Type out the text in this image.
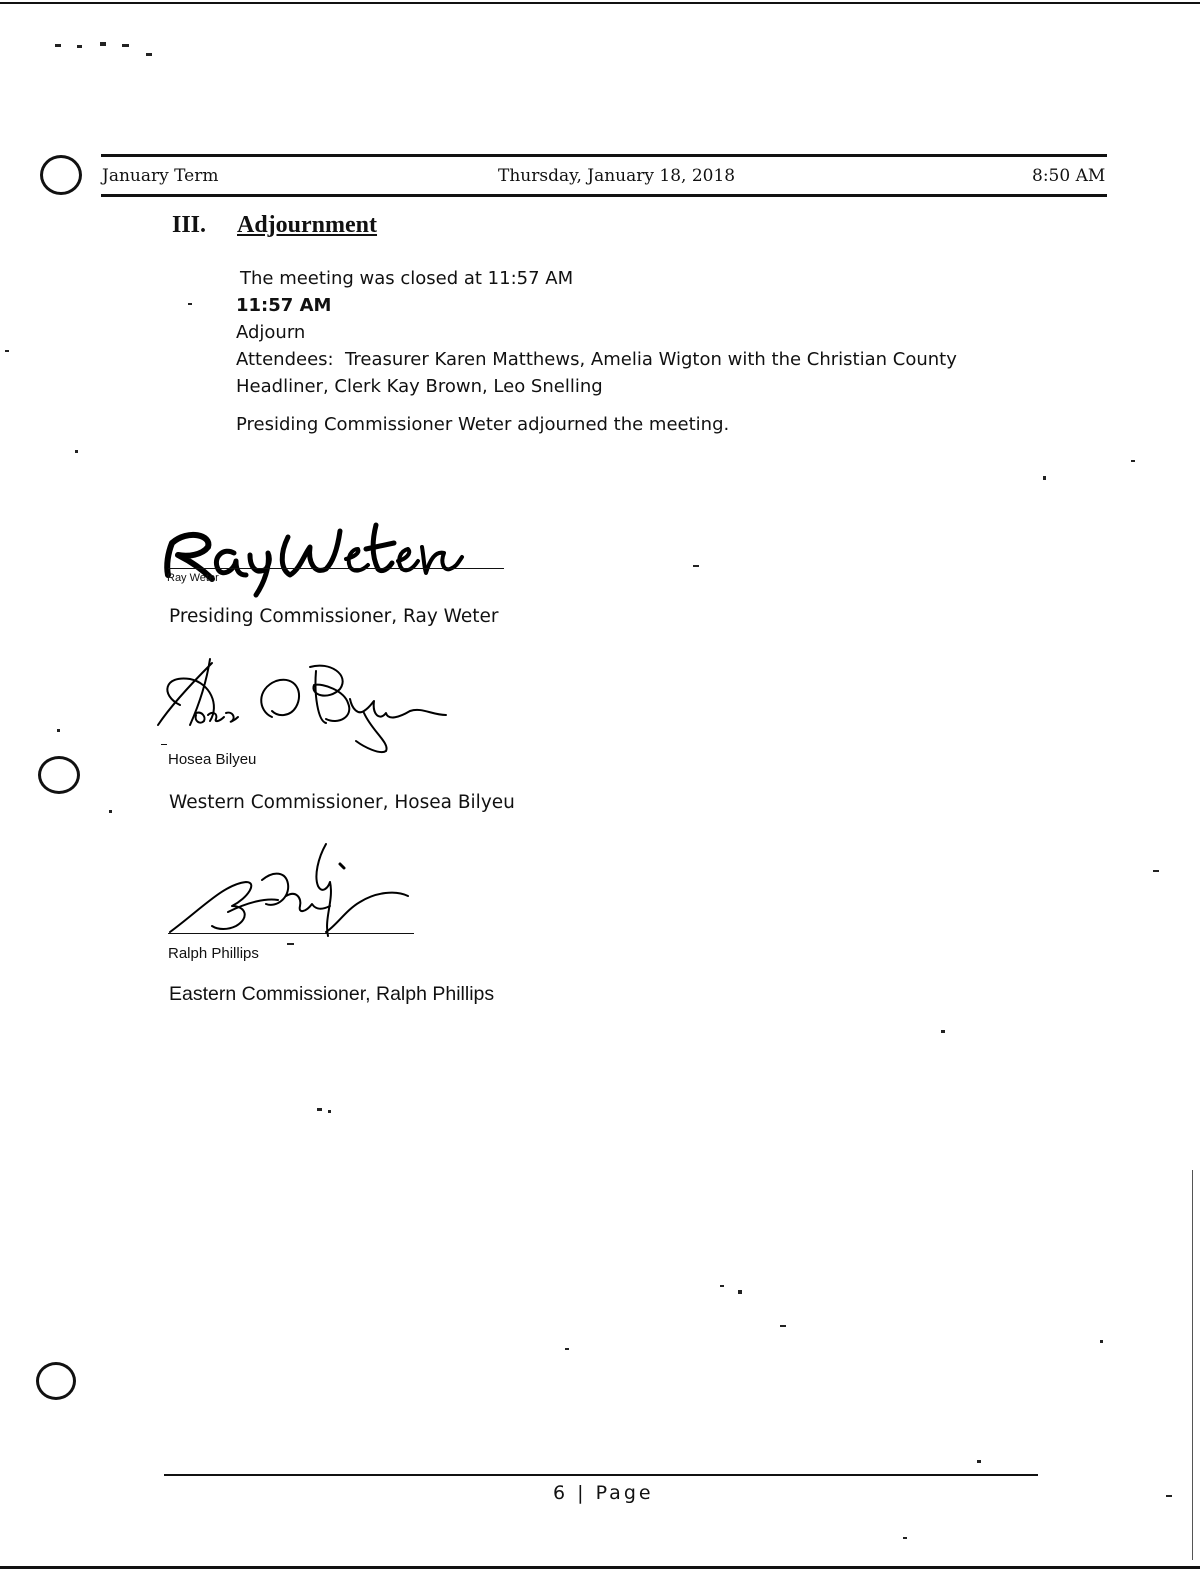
January Term	Thursday, January 18, 2018	8:50 AM
III. Adjournment
The meeting was closed at 11:57 AM
11:57 AM
Adjourn
Attendees:  Treasurer Karen Matthews, Amelia Wigton with the Christian County
Headliner, Clerk Kay Brown, Leo Snelling
Presiding Commissioner Weter adjourned the meeting.
Ray Weter
Presiding Commissioner, Ray Weter
Hosea Bilyeu
Western Commissioner, Hosea Bilyeu
Ralph Phillips
Eastern Commissioner, Ralph Phillips
6 | Page
